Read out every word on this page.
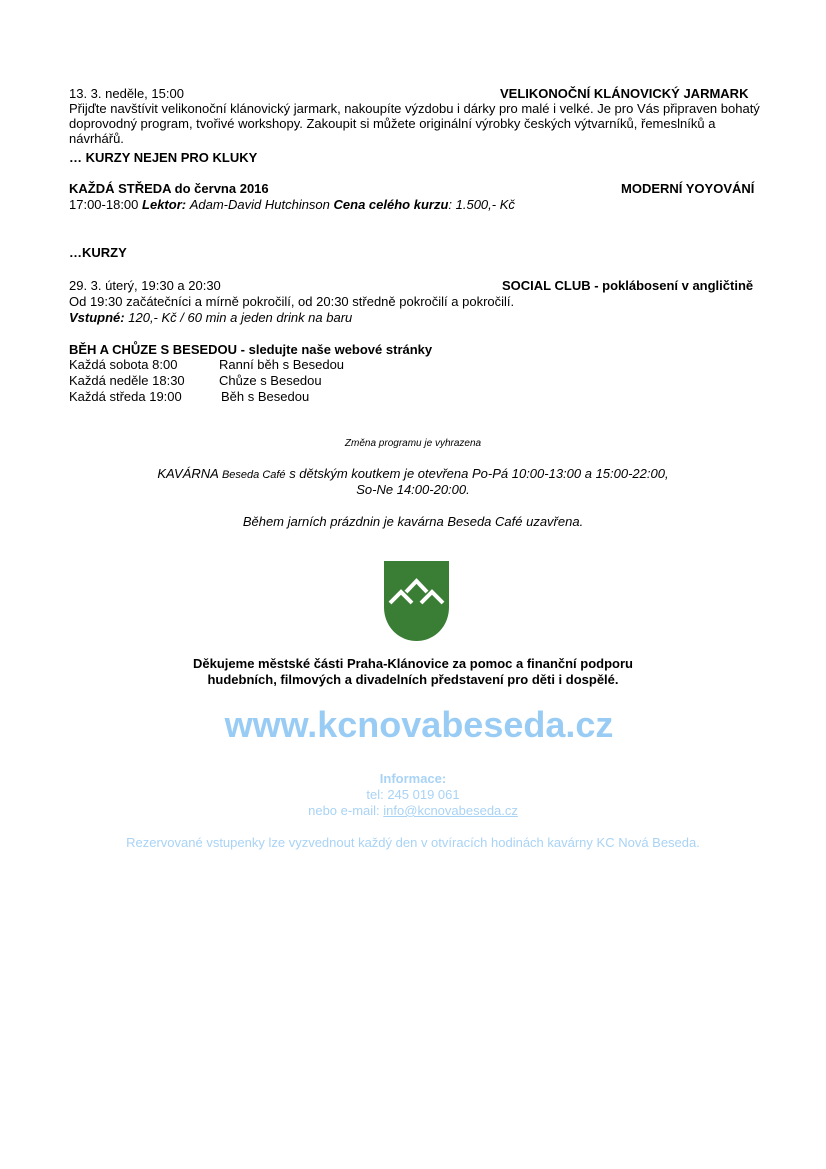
13. 3. neděle, 15:00	VELIKONOČNÍ KLÁNOVICKÝ JARMARK
Přijďte navštívit velikonoční klánovický jarmark, nakoupíte výzdobu i dárky pro malé i velké. Je pro Vás připraven bohatý doprovodný program, tvořivé workshopy. Zakoupit si můžete originální výrobky českých výtvarníků, řemeslníků a návrhářů.
… KURZY NEJEN PRO KLUKY
KAŽDÁ STŘEDA do června 2016	MODERNÍ YOYOVÁNÍ
17:00-18:00 Lektor: Adam-David Hutchinson Cena celého kurzu: 1.500,- Kč
…KURZY
29. 3. úterý, 19:30 a 20:30	SOCIAL CLUB - poklábosení v angličtině
Od 19:30 začátečníci a mírně pokročilí, od 20:30 středně pokročilí a pokročilí.
Vstupné: 120,- Kč / 60 min a jeden drink na baru
BĚH A CHŮZE S BESEDOU - sledujte naše webové stránky
Každá sobota 8:00	Ranní běh s Besedou
Každá neděle 18:30	Chůze s Besedou
Každá středa 19:00	Běh s Besedou
Změna programu je vyhrazena
KAVÁRNA Beseda Café s dětským koutkem je otevřena Po-Pá 10:00-13:00 a 15:00-22:00,
So-Ne 14:00-20:00.
Během jarních prázdnin je kavárna Beseda Café uzavřena.
Děkujeme městské části Praha-Klánovice za pomoc a finanční podporu
hudebních, filmových a divadelních představení pro děti i dospělé.
www.kcnovabeseda.cz
Informace:
tel: 245 019 061
nebo e-mail: info@kcnovabeseda.cz
Rezervované vstupenky lze vyzvednout každý den v otvíracích hodinách kavárny KC Nová Beseda.
